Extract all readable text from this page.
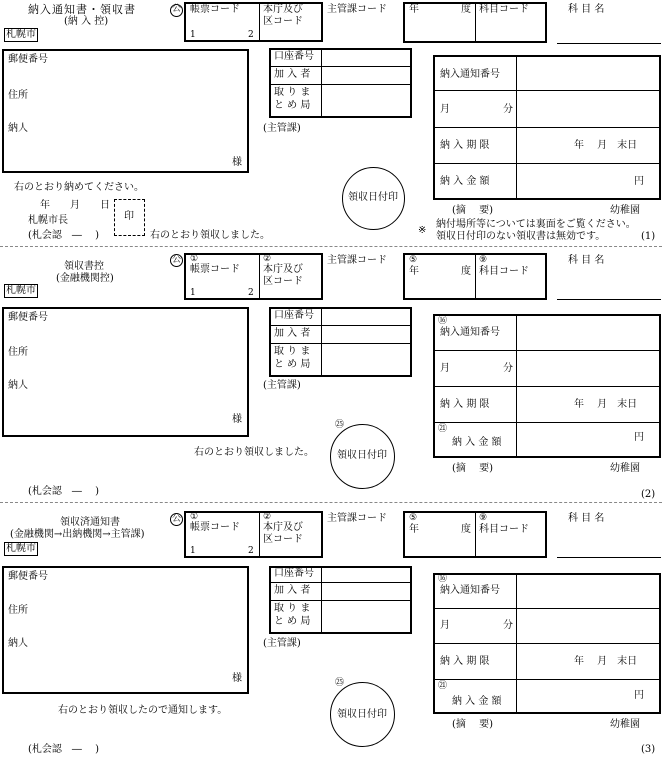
納入通知書・領収書	公
(納 入 控)
札幌市
帳票コード
1	2
本庁及び
区コード
主管課コード 年	度 科目コード	科 目 名
郵便番号
住所
納人
様
口座番号
加 入 者
取 り ま
と め 局
(主管課)
納入通知番号
月	分
納 入 期 限	年　 月　末日
納 入 金 額	円
(摘　 要)	幼稚園
領収日付印
右のとおり納めてください。
年　　月　　日
札幌市長	印
(札会認　―　 )	右のとおり領収しました。	※
納付場所等については裏面をご覧ください。
領収日付印のない領収書は無効です。	(1)
領収書控
(金融機関控)
札幌市
公 ①
帳票コード
1	2
②
本庁及び
区コード
主管課コード ⑤
年	度
⑨
科目コード
科 目 名
郵便番号
住所
納人
様
口座番号
加 入 者
取 り ま
と め 局
(主管課)
⑯
納入通知番号
月	分
納 入 期 限	年　 月　末日
㉑
納 入 金 額	円
(摘　 要)	幼稚園
㉕
領収日付印
右のとおり領収しました。
(札会認　―　 )	(2)
領収済通知書
(金融機関→出納機関→主管課)
札幌市
公 ①
帳票コード
1	2
②
本庁及び
区コード
主管課コード ⑤
年	度
⑨
科目コード
科 目 名
郵便番号
住所
納人
様
口座番号
加 入 者
取 り ま
と め 局
(主管課)
⑯
納入通知番号
月	分
納 入 期 限	年　 月　末日
㉑
納 入 金 額
円
(摘　 要)	幼稚園
㉕
領収日付印
右のとおり領収したので通知します。
(札会認　―　 )	(3)
